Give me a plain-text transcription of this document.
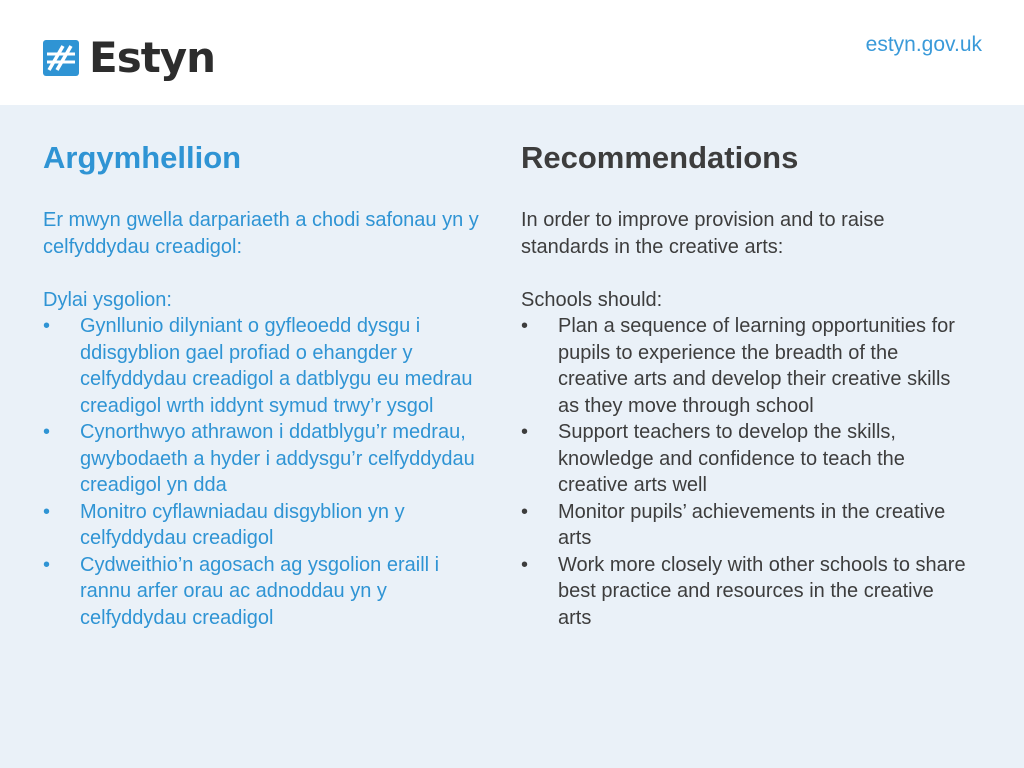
Estyn	estyn.gov.uk
Argymhellion

Er mwyn gwella darpariaeth a chodi safonau yn y celfyddydau creadigol:

Dylai ysgolion:

•	Gynllunio dilyniant o gyfleoedd dysgu i ddisgyblion gael profiad o ehangder y celfyddydau creadigol a datblygu eu medrau creadigol wrth iddynt symud trwy’r ysgol
•	Cynorthwyo athrawon i ddatblygu’r medrau, gwybodaeth a hyder i addysgu’r celfyddydau creadigol yn dda
•	Monitro cyflawniadau disgyblion yn y celfyddydau creadigol
•	Cydweithio’n agosach ag ysgolion eraill i rannu arfer orau ac adnoddau yn y celfyddydau creadigol
Recommendations

In order to improve provision and to raise standards in the creative arts:

Schools should:

•	Plan a sequence of learning opportunities for pupils to experience the breadth of the creative arts and develop their creative skills as they move through school
•	Support teachers to develop the skills, knowledge and confidence to teach the creative arts well
•	Monitor pupils’ achievements in the creative arts
•	Work more closely with other schools to share best practice and resources in the creative arts
